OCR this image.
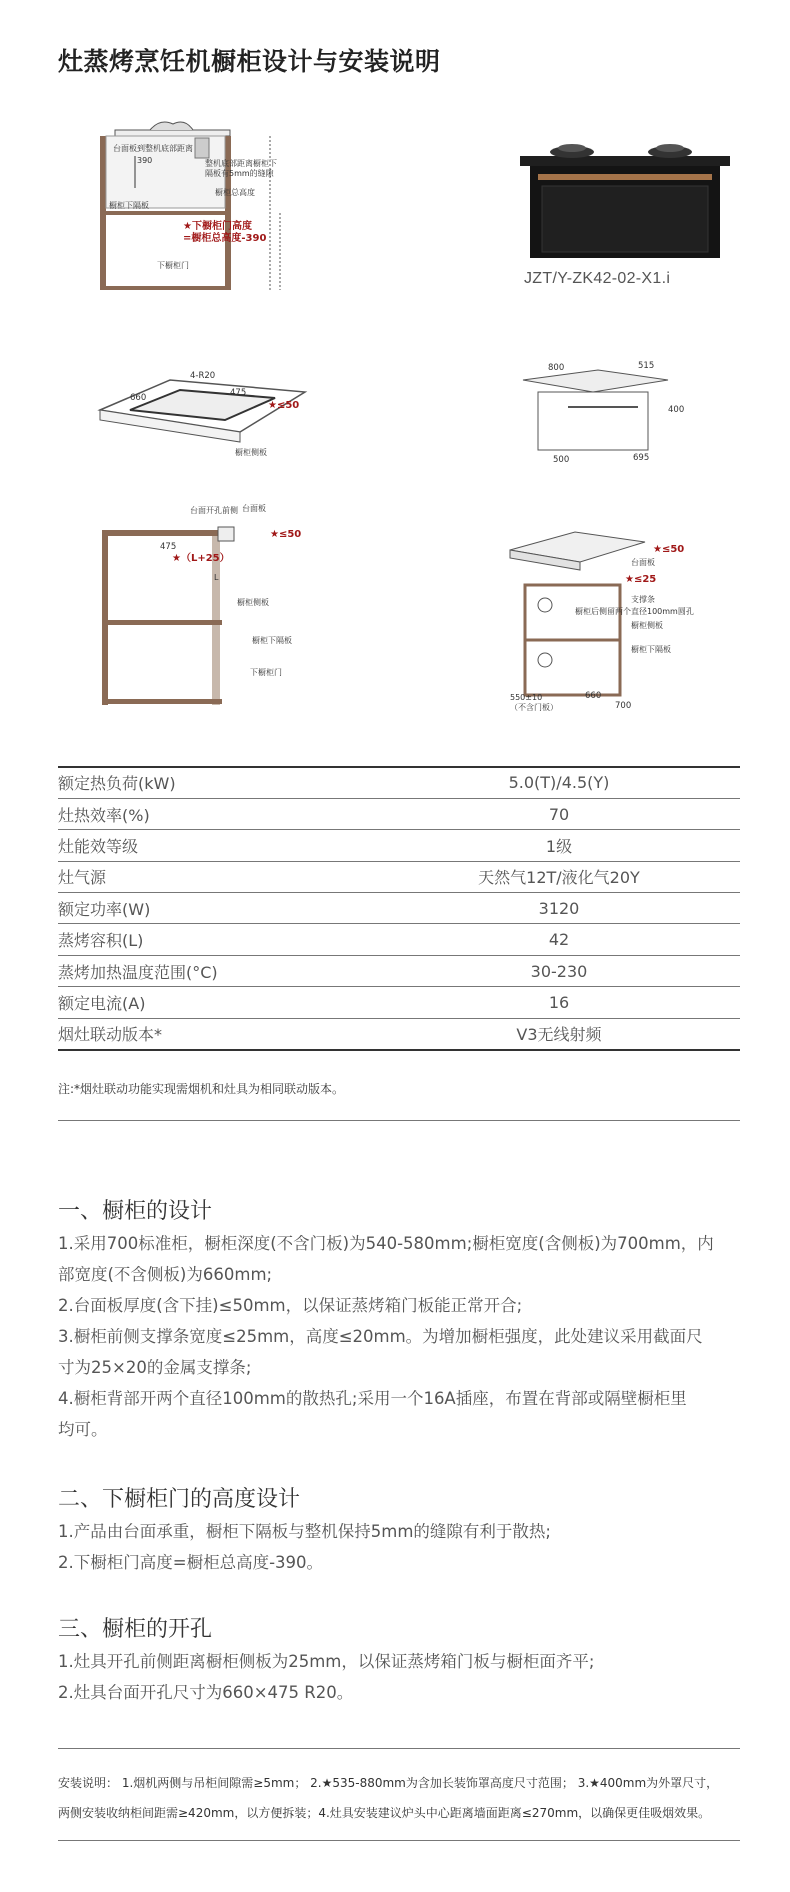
灶蒸烤烹饪机橱柜设计与安装说明
台面板到整机底部距离
390	整机底部距离橱柜下
隔板有5mm的缝隙
橱柜总高度
橱柜下隔板
下橱柜门
★下橱柜门高度
=橱柜总高度-390
JZT/Y-ZK42-02-X1.i
4-R20
660	475
橱柜侧板
★≤50
800	515
400
500	695
台面开孔前侧 台面板
475
L
橱柜侧板
橱柜下隔板
下橱柜门
★≤50
★（L+25）	台面板
支撑条
橱柜后侧留两个直径100mm圆孔
橱柜侧板
橱柜下隔板
550±10
（不含门板）
660
700
★≤50
★≤25
额定热负荷(kW)	5.0(T)/4.5(Y)
灶热效率(%)	70
灶能效等级	1级
灶气源	天然气12T/液化气20Y
额定功率(W)	3120
蒸烤容积(L)	42
蒸烤加热温度范围(°C)	30-230
额定电流(A)	16
烟灶联动版本*	V3无线射频
注:*烟灶联动功能实现需烟机和灶具为相同联动版本。
一、橱柜的设计
1.采用700标准柜，橱柜深度(不含门板)为540-580mm;橱柜宽度(含侧板)为700mm，内
部宽度(不含侧板)为660mm;
2.台面板厚度(含下挂)≤50mm，以保证蒸烤箱门板能正常开合;
3.橱柜前侧支撑条宽度≤25mm，高度≤20mm。为增加橱柜强度，此处建议采用截面尺
寸为25×20的金属支撑条;
4.橱柜背部开两个直径100mm的散热孔;采用一个16A插座，布置在背部或隔壁橱柜里
均可。
二、下橱柜门的高度设计
1.产品由台面承重，橱柜下隔板与整机保持5mm的缝隙有利于散热;
2.下橱柜门高度=橱柜总高度-390。
三、橱柜的开孔
1.灶具开孔前侧距离橱柜侧板为25mm，以保证蒸烤箱门板与橱柜面齐平;
2.灶具台面开孔尺寸为660×475 R20。
安装说明： 1.烟机两侧与吊柜间隙需≥5mm； 2.★535-880mm为含加长装饰罩高度尺寸范围； 3.★400mm为外罩尺寸，
两侧安装收纳柜间距需≥420mm，以方便拆装；4.灶具安装建议炉头中心距离墙面距离≤270mm，以确保更佳吸烟效果。
